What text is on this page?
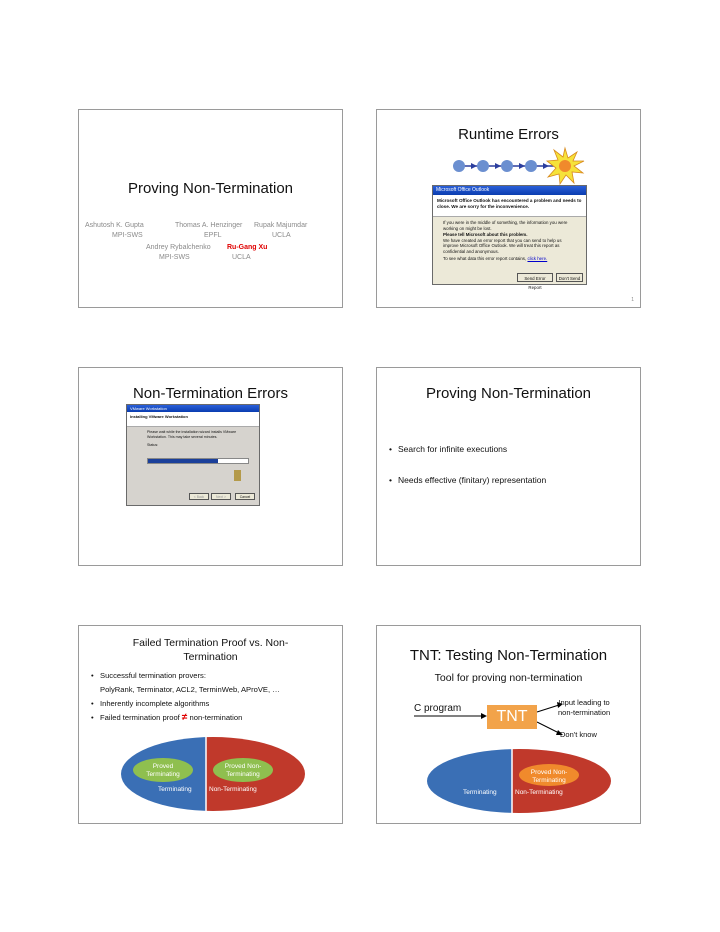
Proving Non-Termination
Ashutosh K. Gupta
MPI-SWS
Thomas A. Henzinger
EPFL
Rupak Majumdar
UCLA
Andrey Rybalchenko
MPI-SWS
Ru-Gang Xu
UCLA
Runtime Errors
Microsoft Office Outlook
Microsoft Office Outlook has encountered a problem and needs to close. We are sorry for the inconvenience.
If you were in the middle of something, the information you were working on might be lost.
Please tell Microsoft about this problem.
We have created an error report that you can send to help us improve Microsoft Office Outlook. We will treat this report as confidential and anonymous.
To see what data this error report contains, click here.
Send Error Report
Don't Send
1
Non-Termination Errors
VMware Workstation
Installing VMware Workstation
Please wait while the installation wizard installs VMware Workstation. This may take several minutes.
Status:
< Back	Next >	Cancel
Proving Non-Termination
• Search for infinite executions
• Needs effective (finitary) representation
Failed Termination Proof vs. Non-
Termination
• Successful termination provers:
PolyRank, Terminator, ACL2, TerminWeb, AProVE, …
• Inherently incomplete algorithms
• Failed termination proof ≠ non-termination
Proved Terminating
Proved Non-Terminating
Terminating	Non-Terminating
TNT: Testing Non-Termination
Tool for proving non-termination
C program	TNT
Input leading to
non-termination
Don't know
Proved Non-Terminating
Terminating	Non-Terminating
